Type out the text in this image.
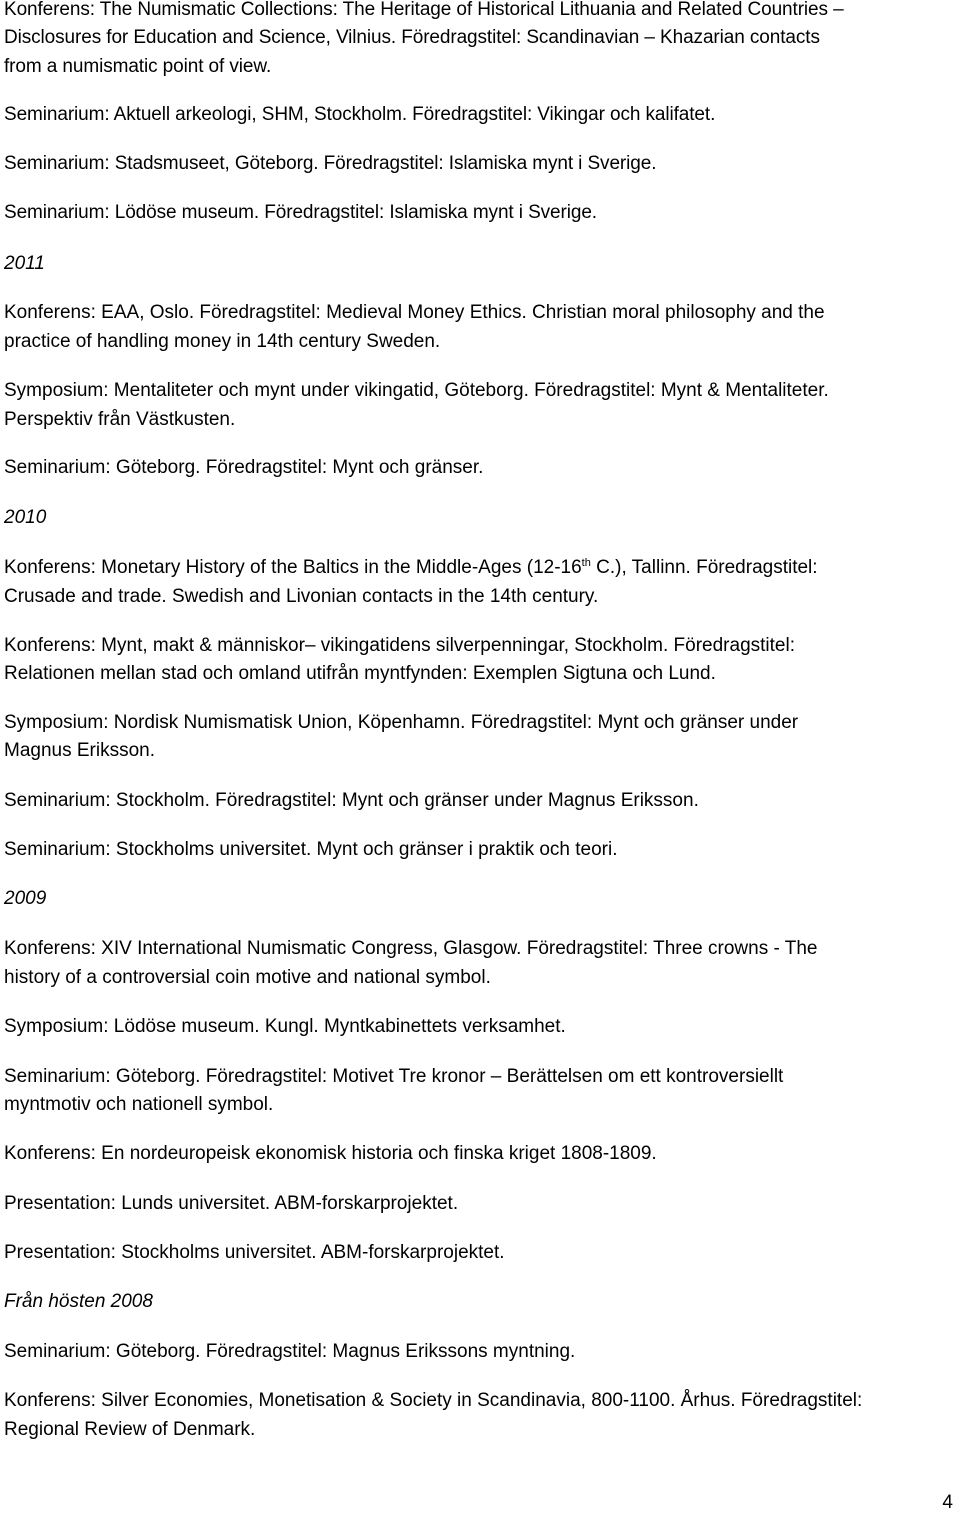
Konferens: The Numismatic Collections: The Heritage of Historical Lithuania and Related Countries –

Disclosures for Education and Science, Vilnius. Föredragstitel: Scandinavian – Khazarian contacts

from a numismatic point of view.

Seminarium: Aktuell arkeologi, SHM, Stockholm. Föredragstitel: Vikingar och kalifatet.

Seminarium: Stadsmuseet, Göteborg. Föredragstitel: Islamiska mynt i Sverige.

Seminarium: Lödöse museum. Föredragstitel: Islamiska mynt i Sverige.

2011

Konferens: EAA, Oslo. Föredragstitel: Medieval Money Ethics. Christian moral philosophy and the

practice of handling money in 14th century Sweden.

Symposium: Mentaliteter och mynt under vikingatid, Göteborg. Föredragstitel: Mynt & Mentaliteter.

Perspektiv från Västkusten.

Seminarium: Göteborg. Föredragstitel: Mynt och gränser.

2010

Konferens: Monetary History of the Baltics in the Middle-Ages (12-16th C.), Tallinn. Föredragstitel:

Crusade and trade. Swedish and Livonian contacts in the 14th century.

Konferens: Mynt, makt & människor– vikingatidens silverpenningar, Stockholm. Föredragstitel:

Relationen mellan stad och omland utifrån myntfynden: Exemplen Sigtuna och Lund.

Symposium: Nordisk Numismatisk Union, Köpenhamn. Föredragstitel: Mynt och gränser under

Magnus Eriksson.

Seminarium: Stockholm. Föredragstitel: Mynt och gränser under Magnus Eriksson.

Seminarium: Stockholms universitet. Mynt och gränser i praktik och teori.

2009

Konferens: XIV International Numismatic Congress, Glasgow. Föredragstitel: Three crowns - The

history of a controversial coin motive and national symbol.

Symposium: Lödöse museum. Kungl. Myntkabinettets verksamhet.

Seminarium: Göteborg. Föredragstitel: Motivet Tre kronor – Berättelsen om ett kontroversiellt

myntmotiv och nationell symbol.

Konferens: En nordeuropeisk ekonomisk historia och finska kriget 1808-1809.

Presentation: Lunds universitet. ABM-forskarprojektet.

Presentation: Stockholms universitet. ABM-forskarprojektet.

Från hösten 2008

Seminarium: Göteborg. Föredragstitel: Magnus Erikssons myntning.

Konferens: Silver Economies, Monetisation & Society in Scandinavia, 800-1100. Århus. Föredragstitel:

Regional Review of Denmark.

4
